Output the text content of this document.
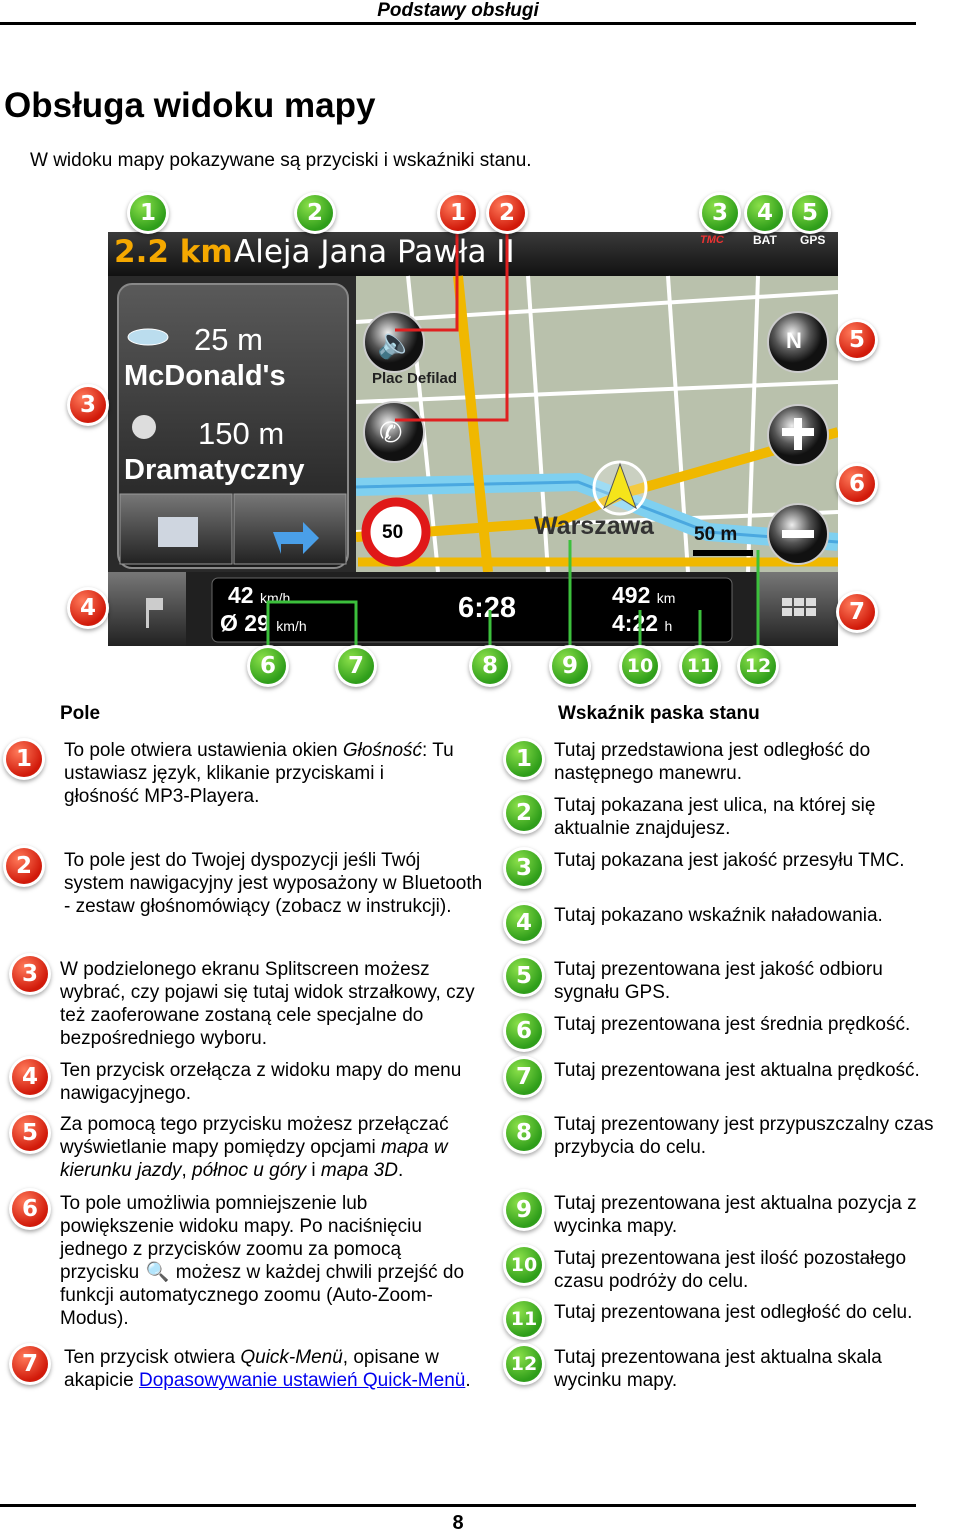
Podstawy obsługi
Obsługa widoku mapy
W widoku mapy pokazywane są przyciski i wskaźniki stanu.
2.2 km Aleja Jana Pawła II	TMC BAT GPS
25 m
McDonald's
150 m
Dramatyczny
Plac Defilad
Warszawa 50 m
50
🔈
✆
N
42 km/h
Ø 29 km/h
6:28	492 km
4:22 h
1	2	1	2	3	4	5
3
5
6
4	7
6	7	8	9	10 11 12
Pole	Wskaźnik paska stanu
1	To pole otwiera ustawienia okien Głośność: Tu ustawiasz język, klikanie przyciskami i głośność MP3-Playera.
2	To pole jest do Twojej dyspozycji jeśli Twój system nawigacyjny jest wyposażony w Bluetooth - zestaw głośnomówiący (zobacz w instrukcji).
3	W podzielonego ekranu Splitscreen możesz wybrać, czy pojawi się tutaj widok strzałkowy, czy też zaoferowane zostaną cele specjalne do bezpośredniego wyboru.
4	Ten przycisk orzełącza z widoku mapy do menu nawigacyjnego.
5	Za pomocą tego przycisku możesz przełączać wyświetlanie mapy pomiędzy opcjami mapa w kierunku jazdy, północ u góry i mapa 3D.
6	To pole umożliwia pomniejszenie lub powiększenie widoku mapy. Po naciśnięciu jednego z przycisków zoomu za pomocą przycisku 🔍 możesz w każdej chwili przejść do funkcji automatycznego zoomu (Auto-Zoom-Modus).
7	Ten przycisk otwiera Quick-Menü, opisane w akapicie Dopasowywanie ustawień Quick-Menü.
1	Tutaj przedstawiona jest odległość do następnego manewru.
2	Tutaj pokazana jest ulica, na której się aktualnie znajdujesz.
3	Tutaj pokazana jest jakość przesyłu TMC.
4	Tutaj pokazano wskaźnik naładowania.
5	Tutaj prezentowana jest jakość odbioru sygnału GPS.
6	Tutaj prezentowana jest średnia prędkość.
7	Tutaj prezentowana jest aktualna prędkość.
8	Tutaj prezentowany jest przypuszczalny czas przybycia do celu.
9	Tutaj prezentowana jest aktualna pozycja z wycinka mapy.
10 Tutaj prezentowana jest ilość pozostałego czasu podróży do celu.
11 Tutaj prezentowana jest odległość do celu.
12 Tutaj prezentowana jest aktualna skala wycinku mapy.
8
